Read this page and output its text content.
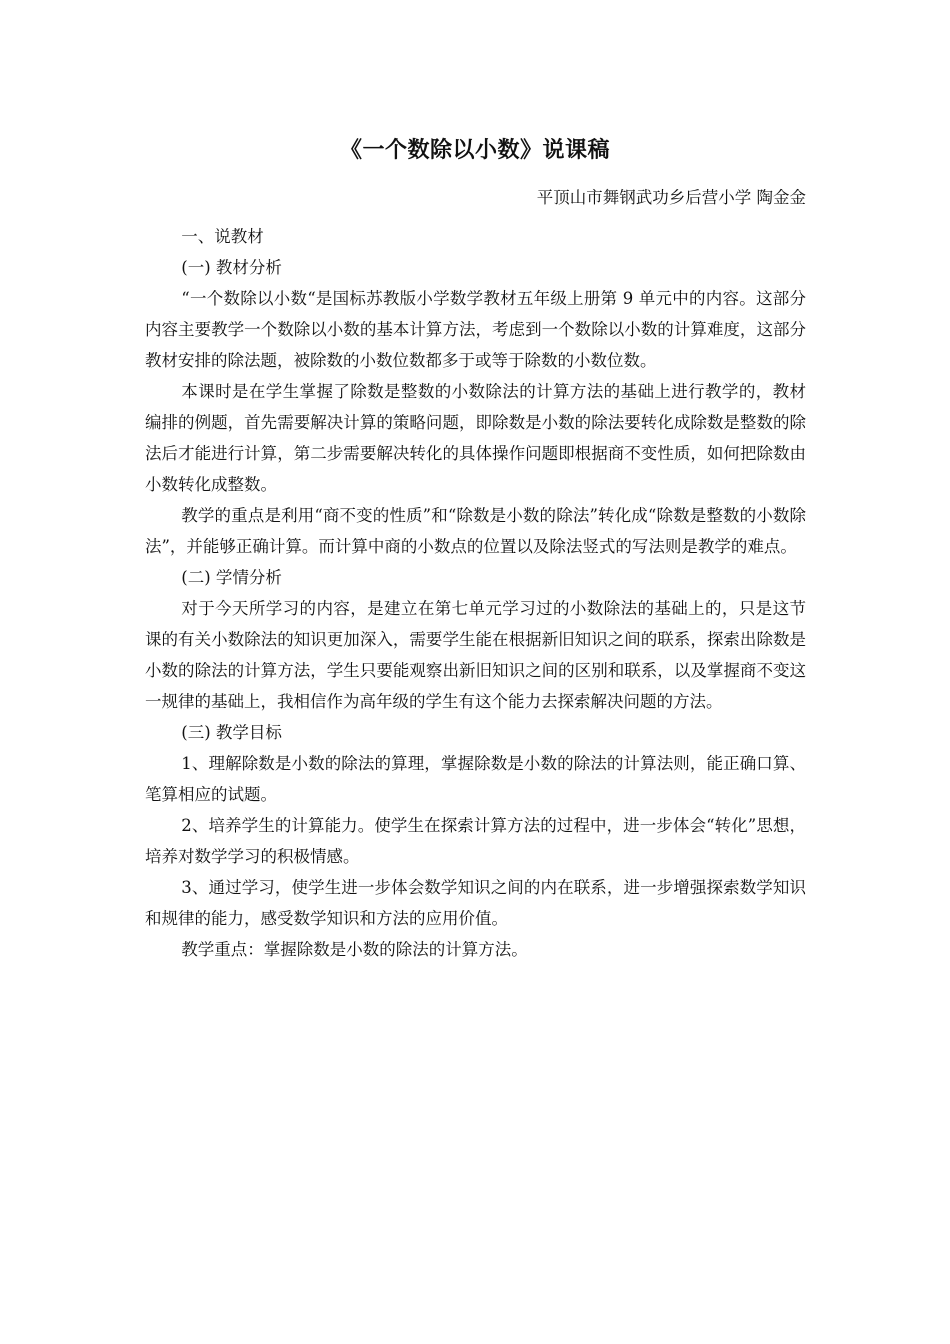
《一个数除以小数》说课稿
平顶山市舞钢武功乡后营小学 陶金金

一、说教材

(一) 教材分析

“一个数除以小数“是国标苏教版小学数学教材五年级上册第 9 单元中的内容。这部分内容主要教学一个数除以小数的基本计算方法，考虑到一个数除以小数的计算难度，这部分教材安排的除法题，被除数的小数位数都多于或等于除数的小数位数。

本课时是在学生掌握了除数是整数的小数除法的计算方法的基础上进行教学的，教材编排的例题，首先需要解决计算的策略问题，即除数是小数的除法要转化成除数是整数的除法后才能进行计算，第二步需要解决转化的具体操作问题即根据商不变性质，如何把除数由小数转化成整数。

教学的重点是利用“商不变的性质”和“除数是小数的除法”转化成“除数是整数的小数除法”，并能够正确计算。而计算中商的小数点的位置以及除法竖式的写法则是教学的难点。

(二) 学情分析

对于今天所学习的内容，是建立在第七单元学习过的小数除法的基础上的，只是这节课的有关小数除法的知识更加深入，需要学生能在根据新旧知识之间的联系，探索出除数是小数的除法的计算方法，学生只要能观察出新旧知识之间的区别和联系，以及掌握商不变这一规律的基础上，我相信作为高年级的学生有这个能力去探索解决问题的方法。

(三) 教学目标

1、理解除数是小数的除法的算理，掌握除数是小数的除法的计算法则，能正确口算、笔算相应的试题。

2、培养学生的计算能力。使学生在探索计算方法的过程中，进一步体会“转化”思想，培养对数学学习的积极情感。

3、通过学习，使学生进一步体会数学知识之间的内在联系，进一步增强探索数学知识和规律的能力，感受数学知识和方法的应用价值。

教学重点：掌握除数是小数的除法的计算方法。
